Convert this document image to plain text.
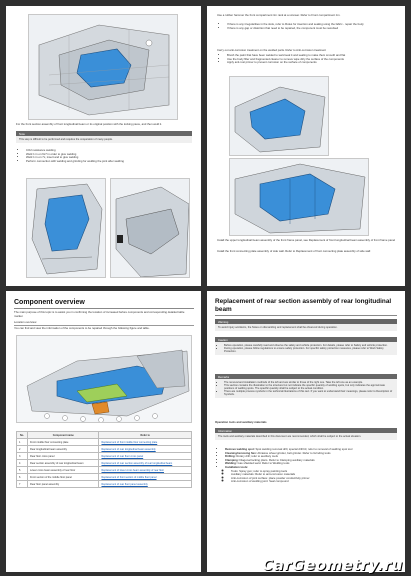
For the front section assembly of front longitudinal beam or its original position with the locking piece, and then weld it.
Note
This step is difficult to be performed and requires the cooperation of many people.
• CO2 resistance welding
• Weld 1 in on 6x7 in order to give welding
• Weld 1 in on 7x, insert and to give welding
• Perform connection with welding and grinding for welding the joint after welding
Use a rubber hammer the front compartment rim rank at a screwer. Refer to Front compartment rim.
• If there is any irregularities in the slots, refer to Rules for insertion and sealing using the fabric - repair the body
• If there is any gap or distortion that need to be repaired, the component must be reworked
Carry out anti-corrosion treatment on the welded parts. Refer to Anti-corrosion treatment
• Brush the paint that have been welded to weld seal it and sealing to make them smooth and flat
• Use the body filler and fragmented cleaner to remove wipe dirty the surface of the components
• Apply anti-rust primer to prevent corrosion on the surface of components
Install the upper longitudinal beam assembly of the front frame panel, see Replacement of front longitudinal beam assembly of front frame panel
Install the front connecting plate assembly of side wall. Refer to Replacement of front connecting plate assembly of side wall
Component overview
The main purpose of this topic is to assist you in confirming the location of increased before components and corresponding detailed table marker.
Location overview
You can find and view the information of the components to be repaired through the following figure and table.
No.	Component name	Refer to
1	Front middle floor connecting plate	Replacement of front middle floor connecting plate
2	Rear longitudinal beam assembly	Replacement of rear longitudinal beam assembly
3	Rear floor cross panel	Replacement of rear floor cross panel
4	Rear section assembly of rear longitudinal beam	Replacement of rear section assembly of rear longitudinal beam
5	Lower cross beam assembly of rear floor	Replacement of lower cross beam assembly of rear floor
6	Front section of the middle floor panel	Replacement of front section of middle floor panel
7	Rear floor panel assembly	Replacement of rear floor panel assembly
Replacement of rear section assembly of rear longitudinal beam
Warning
To avoid injury accidents, the Notes on dismantling and replacement shall be observed during operation.
Caution
• Before operation, please carefully read and observe the safety and vehicle protection. For details, please refer to Safety and vehicle protection.
• During operation, please follow regulations to ensure safety protection. For specific safety protection measures, please refer to Work Safety Protection.
Remarks
• The removal and installation methods of the left and are similar to those of the right one. Take the left one as an example.
• This section contains the illustration to the structure but not indicate the specific quantity of welding spots, but only indicates the approximate positions of welding spots. The specific quantity shall be subject to the actual condition.
• There are multiple process symbols in the technical illustrations of this text. If you want to understand their meanings, please refer to Description of Symbols.
Operation tools and auxiliary materials
Information
The tools and auxiliary materials described in this document are recommended, which shall be subject to the actual situation.
• Remove welding spot: Spot welding removal drill, special drill bit; refer to removal of welding spot tool
• Cleaning/removing fiex: Abrasive wheel grinder, belt grinder. Refer to Grinding tools
• Drilling: Rotary drill; refer to auxiliary tools
• Clamping: Diagonal locking pliers. Refer to Clamping auxiliary materials
• Welding: Gas shielded weld. Refer to Welding tools
• Installation tools:
◦ Tools: Spray gun; refer to spray painting tools
◦ Auxiliary materials: Refer to anti-corrosion materials
◦ Anti-corrosion of joint surface: place powder conductivity primer
◦ Anti-corrosion of welding joint: Seal compound
CarGeometry.ru
